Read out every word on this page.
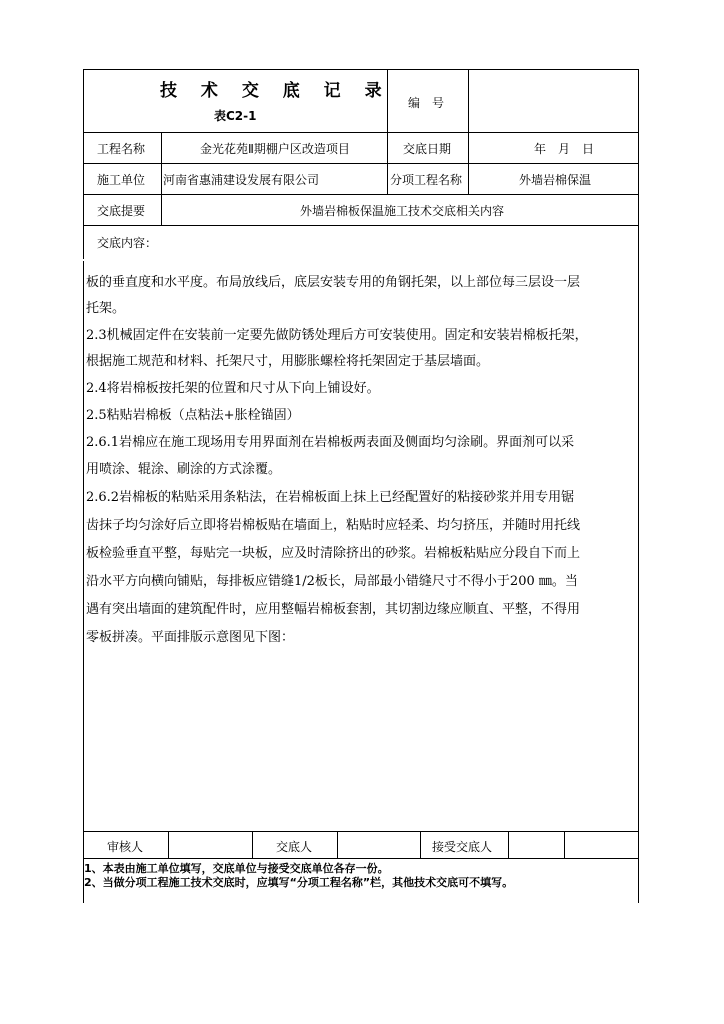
技 术 交 底 记 录
表C2-1
编　号
工程名称	金光花苑Ⅱ期棚户区改造项目	交底日期	年　月　日
施工单位 河南省惠浦建设发展有限公司	分项工程名称	外墙岩棉保温
交底提要	外墙岩棉板保温施工技术交底相关内容
交底内容：
板的垂直度和水平度。布局放线后，底层安装专用的角钢托架，以上部位每三层设一层
托架。
2.3机械固定件在安装前一定要先做防锈处理后方可安装使用。固定和安装岩棉板托架，
根据施工规范和材料、托架尺寸，用膨胀螺栓将托架固定于基层墙面。
2.4将岩棉板按托架的位置和尺寸从下向上铺设好。
2.5粘贴岩棉板（点粘法+胀栓锚固）
2.6.1岩棉应在施工现场用专用界面剂在岩棉板两表面及侧面均匀涂刷。界面剂可以采
用喷涂、辊涂、刷涂的方式涂覆。
2.6.2岩棉板的粘贴采用条粘法，在岩棉板面上抹上已经配置好的粘接砂浆并用专用锯
齿抹子均匀涂好后立即将岩棉板贴在墙面上，粘贴时应轻柔、均匀挤压，并随时用托线
板检验垂直平整，每贴完一块板，应及时清除挤出的砂浆。岩棉板粘贴应分段自下而上
沿水平方向横向铺贴，每排板应错缝1/2板长，局部最小错缝尺寸不得小于200 ㎜。当
遇有突出墙面的建筑配件时，应用整幅岩棉板套割，其切割边缘应顺直、平整，不得用
零板拼凑。平面排版示意图见下图：
审核人	交底人	接受交底人
1、本表由施工单位填写，交底单位与接受交底单位各存一份。
2、当做分项工程施工技术交底时，应填写“分项工程名称”栏，其他技术交底可不填写。
